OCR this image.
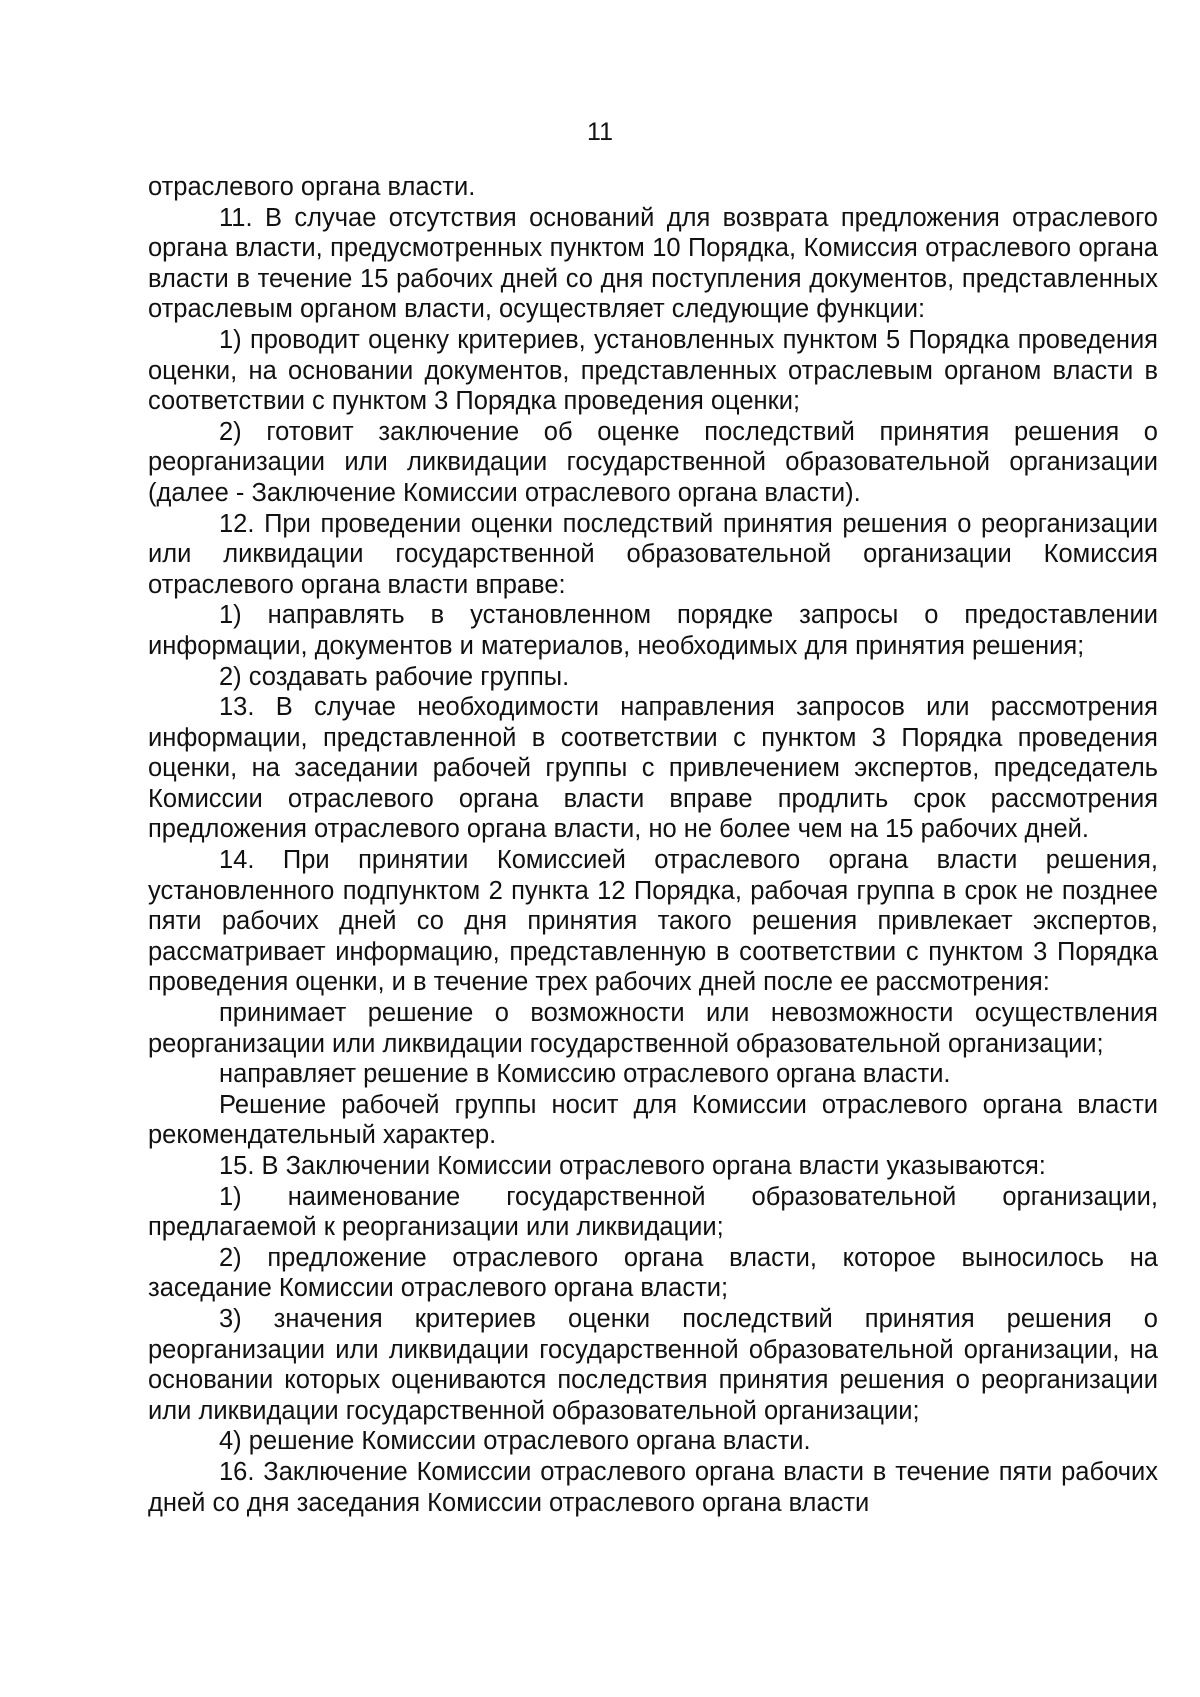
11

отраслевого органа власти.

11. В случае отсутствия оснований для возврата предложения отраслевого органа власти, предусмотренных пунктом 10 Порядка, Комиссия отраслевого органа власти в течение 15 рабочих дней со дня поступления документов, представленных отраслевым органом власти, осуществляет следующие функции:

1) проводит оценку критериев, установленных пунктом 5 Порядка проведения оценки, на основании документов, представленных отраслевым органом власти в соответствии с пунктом 3 Порядка проведения оценки;

2) готовит заключение об оценке последствий принятия решения о реорганизации или ликвидации государственной образовательной организации (далее - Заключение Комиссии отраслевого органа власти).

12. При проведении оценки последствий принятия решения о реорганизации или ликвидации государственной образовательной организации Комиссия отраслевого органа власти вправе:

1) направлять в установленном порядке запросы о предоставлении информации, документов и материалов, необходимых для принятия решения;

2) создавать рабочие группы.

13. В случае необходимости направления запросов или рассмотрения информации, представленной в соответствии с пунктом 3 Порядка проведения оценки, на заседании рабочей группы с привлечением экспертов, председатель Комиссии отраслевого органа власти вправе продлить срок рассмотрения предложения отраслевого органа власти, но не более чем на 15 рабочих дней.

14. При принятии Комиссией отраслевого органа власти решения, установленного подпунктом 2 пункта 12 Порядка, рабочая группа в срок не позднее пяти рабочих дней со дня принятия такого решения привлекает экспертов, рассматривает информацию, представленную в соответствии с пунктом 3 Порядка проведения оценки, и в течение трех рабочих дней после ее рассмотрения:

принимает решение о возможности или невозможности осуществления реорганизации или ликвидации государственной образовательной организации;

направляет решение в Комиссию отраслевого органа власти.

Решение рабочей группы носит для Комиссии отраслевого органа власти рекомендательный характер.

15. В Заключении Комиссии отраслевого органа власти указываются:

1) наименование государственной образовательной организации, предлагаемой к реорганизации или ликвидации;

2) предложение отраслевого органа власти, которое выносилось на заседание Комиссии отраслевого органа власти;

3) значения критериев оценки последствий принятия решения о реорганизации или ликвидации государственной образовательной организации, на основании которых оцениваются последствия принятия решения о реорганизации или ликвидации государственной образовательной организации;

4) решение Комиссии отраслевого органа власти.

16. Заключение Комиссии отраслевого органа власти в течение пяти рабочих дней со дня заседания Комиссии отраслевого органа власти
